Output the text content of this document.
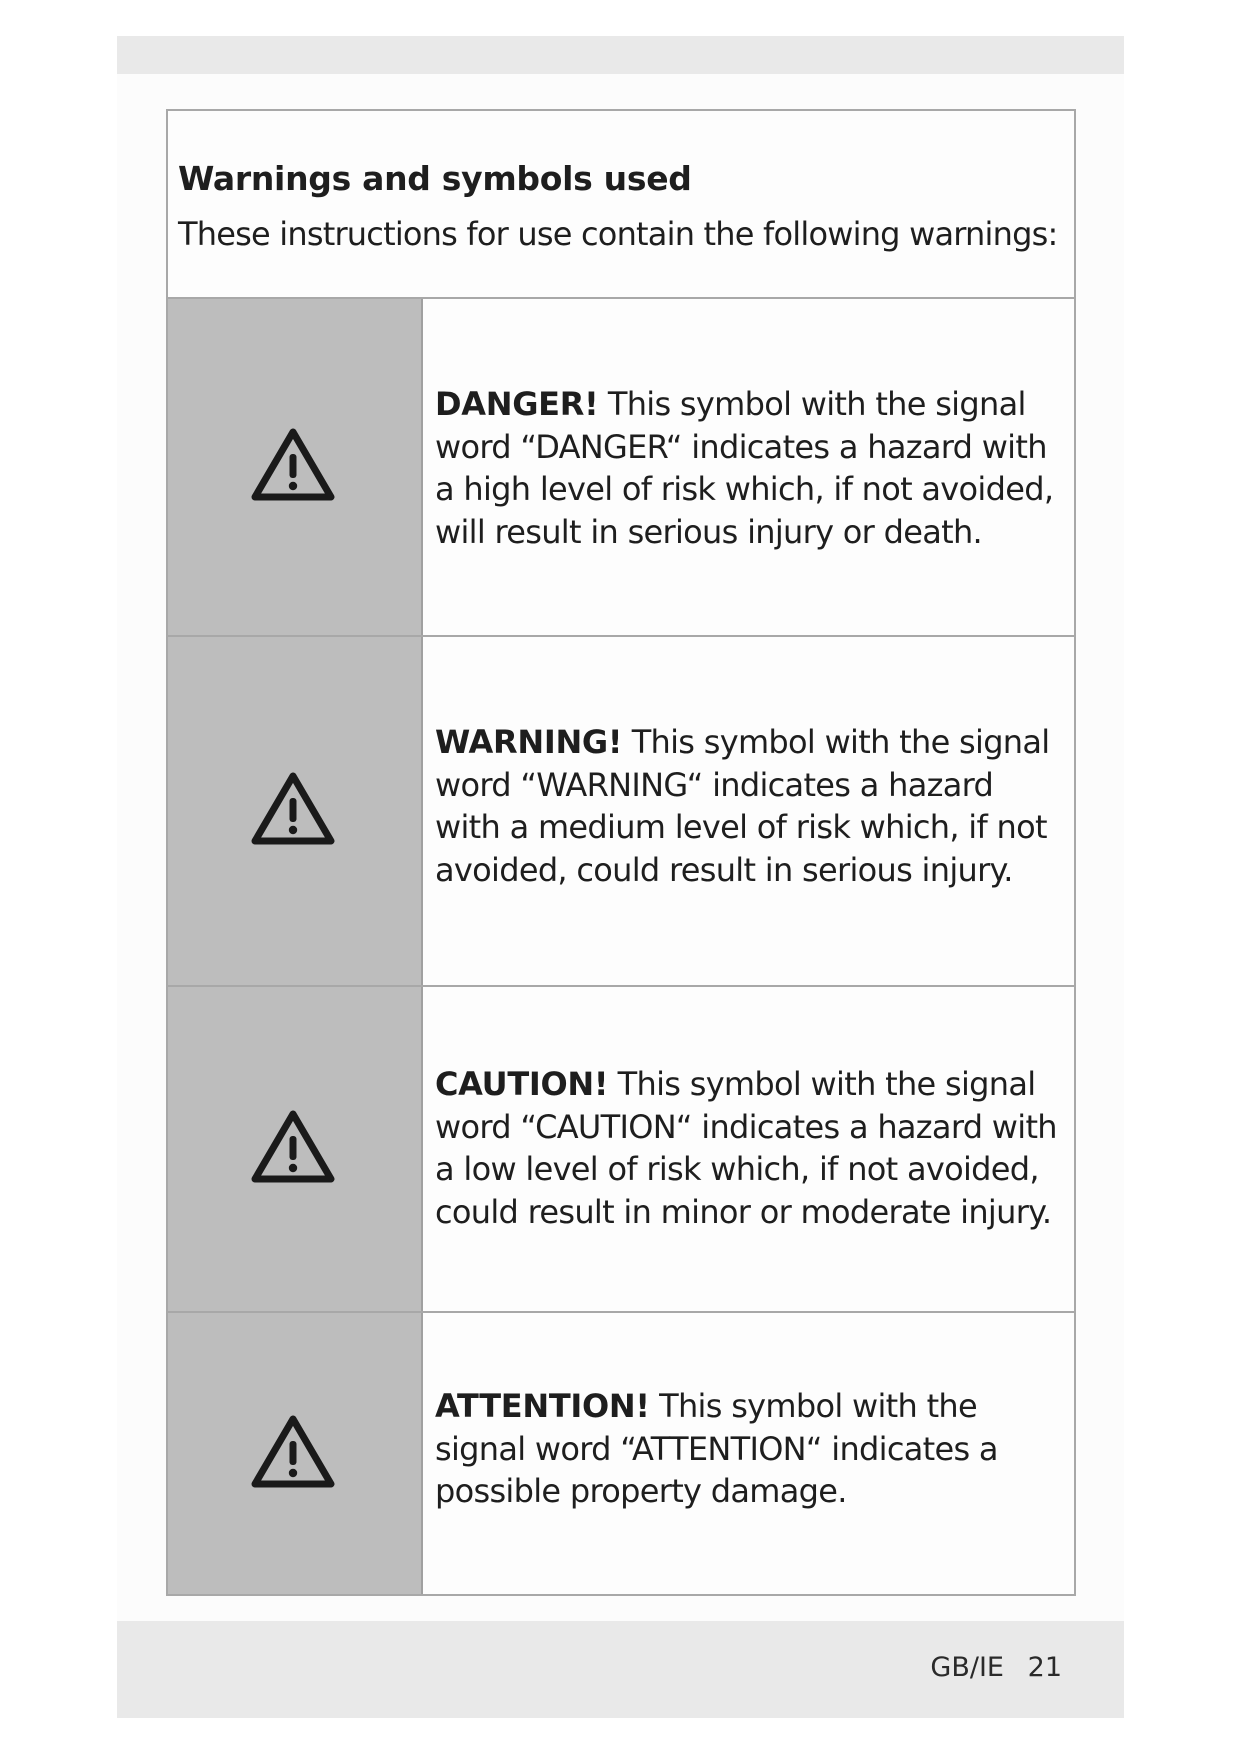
Warnings and symbols used
These instructions for use contain the following warnings:

DANGER! This symbol with the signal word “DANGER“ indicates a hazard with a high level of risk which, if not avoided, will result in serious injury or death.

WARNING! This symbol with the signal word “WARNING“ indicates a hazard with a medium level of risk which, if not avoided, could result in serious injury.

CAUTION! This symbol with the signal word “CAUTION“ indicates a hazard with a low level of risk which, if not avoided, could result in minor or moderate injury.

ATTENTION! This symbol with the signal word “ATTENTION“ indicates a possible property damage.

GB/IE 21
